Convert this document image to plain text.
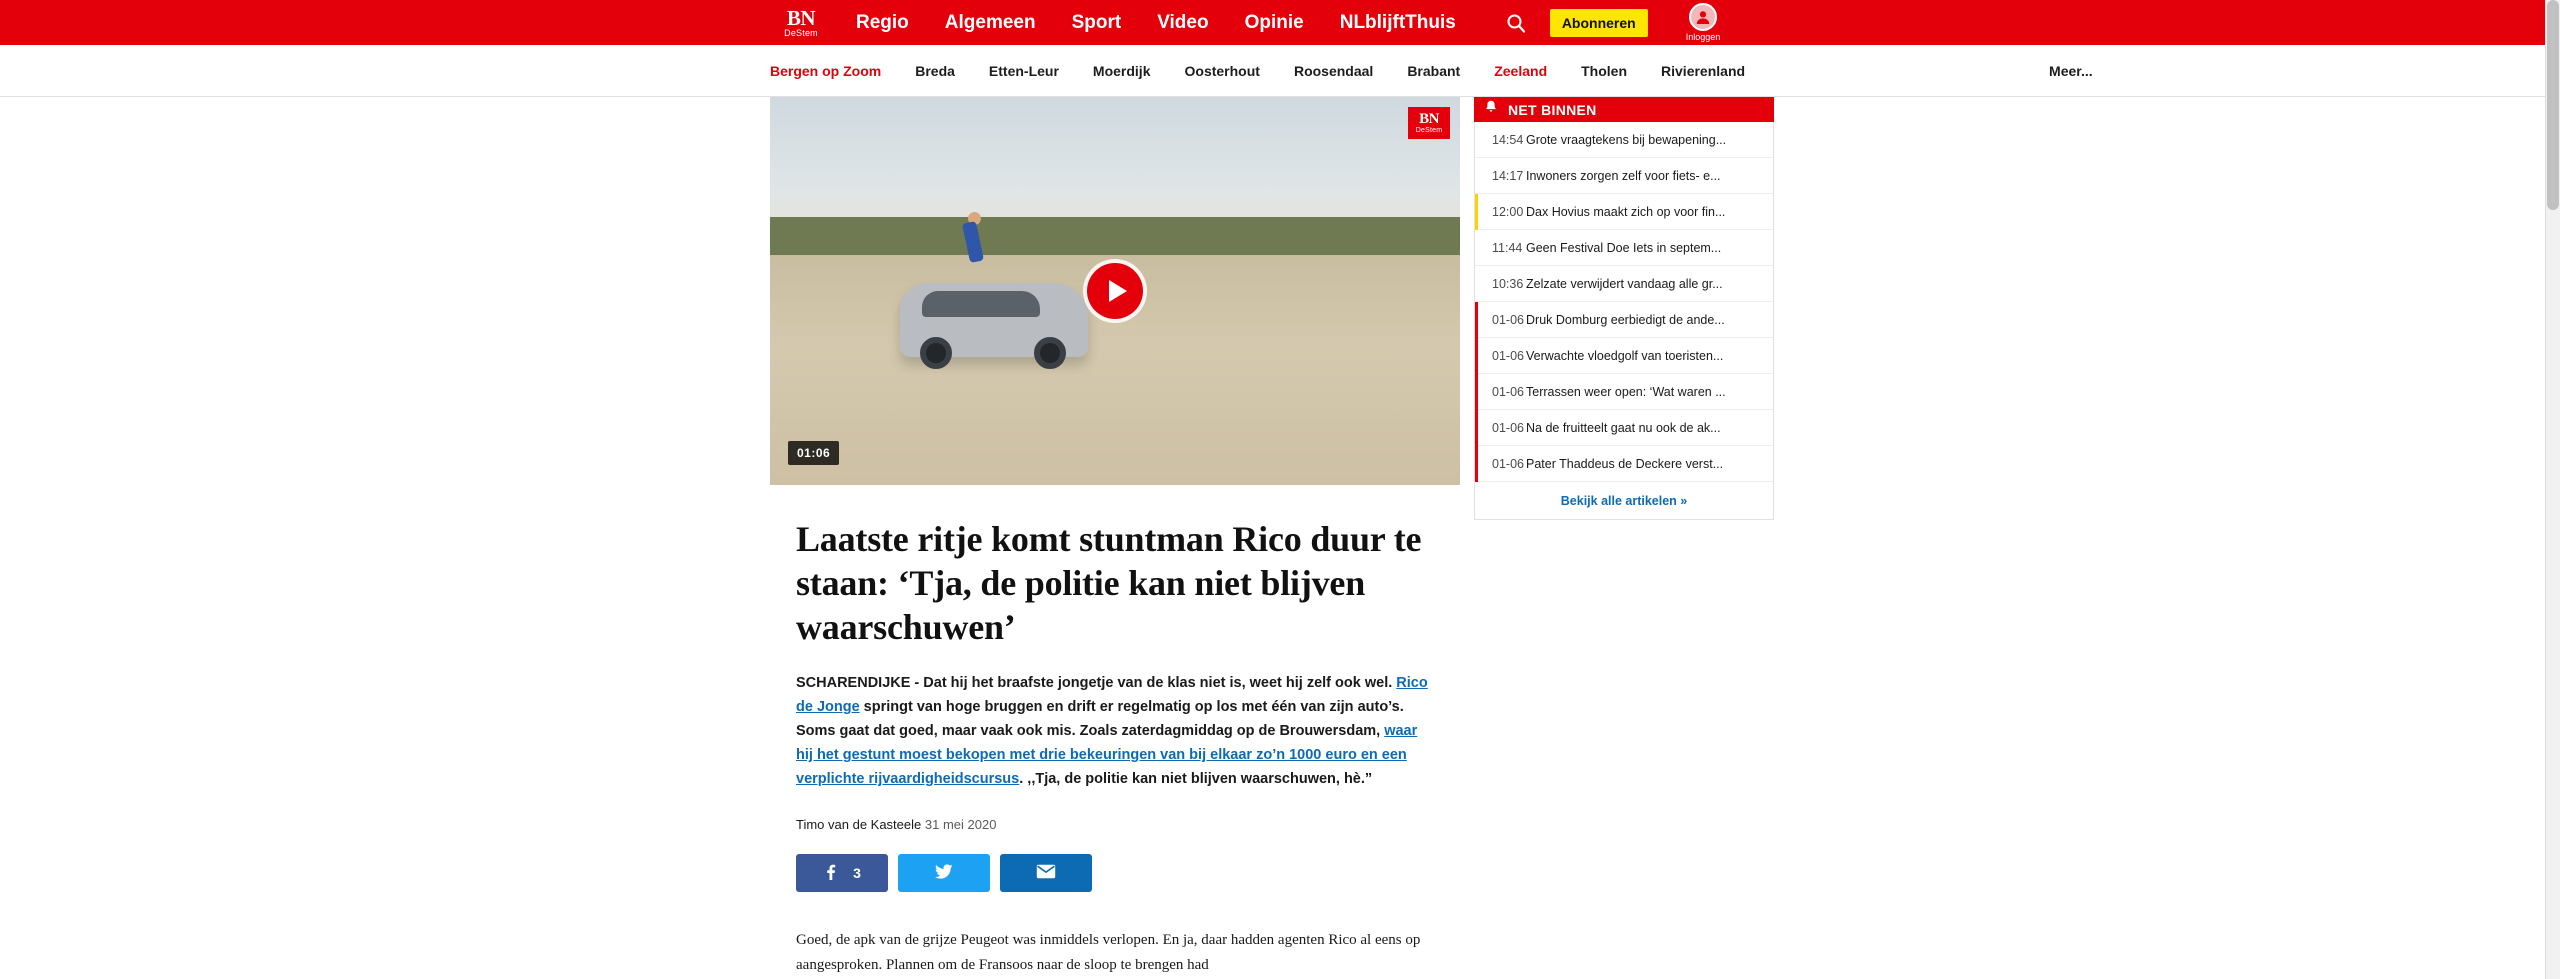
BN
DeStem Regio Algemeen Sport Video Opinie NLblijftThuis	Abonneren
Inloggen
Bergen op Zoom Breda Etten-Leur Moerdijk Oosterhout Roosendaal Brabant Zeeland Tholen Rivierenland	Meer...
BN
DeStem
01:06
Laatste ritje komt stuntman Rico duur te staan: ‘Tja, de politie kan niet blijven waarschuwen’

SCHARENDIJKE - Dat hij het braafste jongetje van de klas niet is, weet hij zelf ook wel. Rico de Jonge springt van hoge bruggen en drift er regelmatig op los met één van zijn auto’s. Soms gaat dat goed, maar vaak ook mis. Zoals zaterdagmiddag op de Brouwersdam, waar hij het gestunt moest bekopen met drie bekeuringen van bij elkaar zo’n 1000 euro en een verplichte rijvaardigheidscursus. ,,Tja, de politie kan niet blijven waarschuwen, hè.”

Timo van de Kasteele 31 mei 2020
3

Goed, de apk van de grijze Peugeot was inmiddels verlopen. En ja, daar hadden agenten Rico al eens op aangesproken. Plannen om de Fransoos naar de sloop te brengen had

NET BINNEN
14:54 Grote vraagtekens bij bewapening...
14:17 Inwoners zorgen zelf voor fiets- e...
12:00 Dax Hovius maakt zich op voor fin...
11:44 Geen Festival Doe Iets in septem...
10:36 Zelzate verwijdert vandaag alle gr...
01-06 Druk Domburg eerbiedigt de ande...
01-06 Verwachte vloedgolf van toeristen...
01-06 Terrassen weer open: ‘Wat waren ...
01-06 Na de fruitteelt gaat nu ook de ak...
01-06 Pater Thaddeus de Deckere verst...
Bekijk alle artikelen »
